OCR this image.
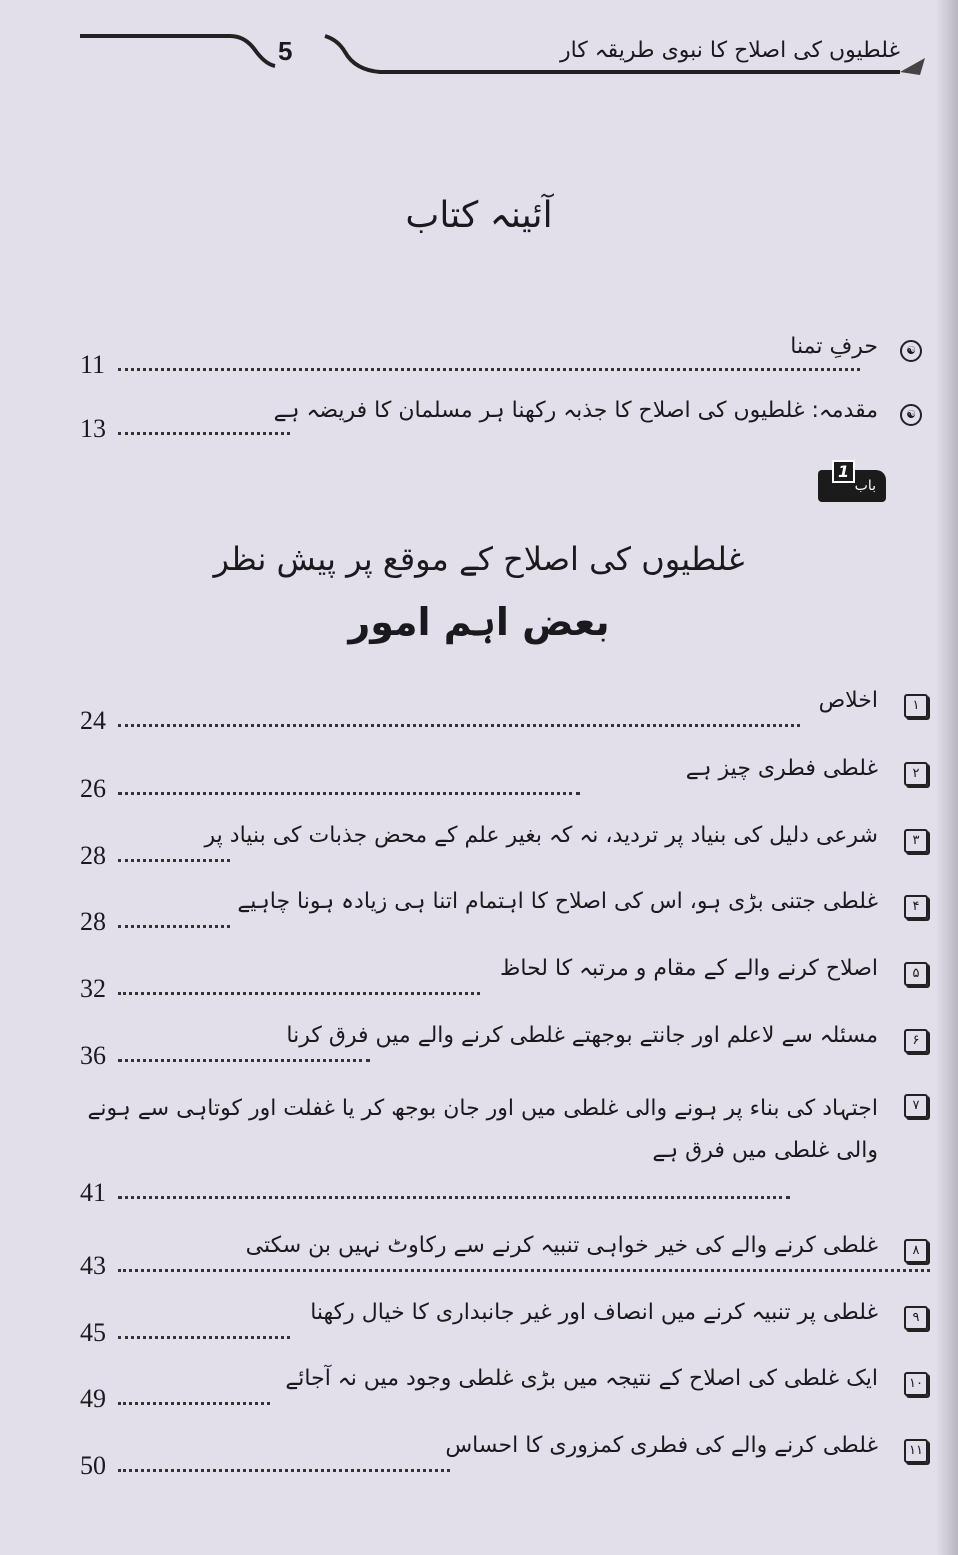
غلطیوں کی اصلاح کا نبوی طریقہ کار
5
آئینہ کتاب
☯
حرفِ تمنا
11
☯
مقدمہ: غلطیوں کی اصلاح کا جذبہ رکھنا ہر مسلمان کا فریضہ ہے
13
باب
1
غلطیوں کی اصلاح کے موقع پر پیش نظر
بعض اہم امور
۱
اخلاص
24
۲
غلطی فطری چیز ہے
26
۳
شرعی دلیل کی بنیاد پر تردید، نہ کہ بغیر علم کے محض جذبات کی بنیاد پر
28
۴
غلطی جتنی بڑی ہو، اس کی اصلاح کا اہتمام اتنا ہی زیادہ ہونا چاہیے
28
۵
اصلاح کرنے والے کے مقام و مرتبہ کا لحاظ
32
۶
مسئلہ سے لاعلم اور جانتے بوجھتے غلطی کرنے والے میں فرق کرنا
36
۷
اجتہاد کی بناء پر ہونے والی غلطی میں اور جان بوجھ کر یا غفلت اور کوتاہی سے ہونے والی غلطی میں فرق ہے
41
۸
غلطی کرنے والے کی خیر خواہی تنبیہ کرنے سے رکاوٹ نہیں بن سکتی
43
۹
غلطی پر تنبیہ کرنے میں انصاف اور غیر جانبداری کا خیال رکھنا
45
۱۰
ایک غلطی کی اصلاح کے نتیجہ میں بڑی غلطی وجود میں نہ آجائے
49
۱۱
غلطی کرنے والے کی فطری کمزوری کا احساس
50
